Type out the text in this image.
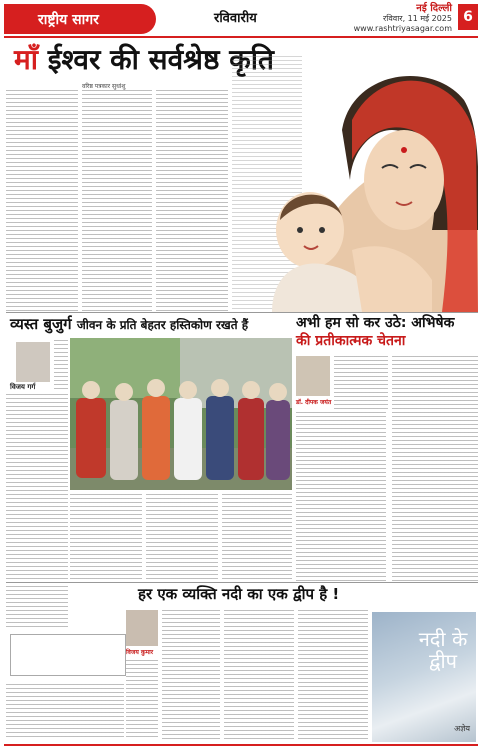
राष्ट्रीय सागर	रविवारीय
नई दिल्ली
रविवार, 11 मई 2025
www.rashtriyasagar.com
6
माँ ईश्वर की सर्वश्रेष्ठ कृति
वरिष्ठ पत्रकार सुधांशु
व्यस्त बुजुर्ग जीवन के प्रति बेहतर हस्तिकोण रखते हैं
विजय गर्ग
अभी हम सो कर उठे: अभिषेक
की प्रतीकात्मक चेतना
डॉ. दीपक जयंत
हर एक व्यक्ति नदी का एक द्वीप है !
विजय कुमार
नदी के द्वीप
अज्ञेय
